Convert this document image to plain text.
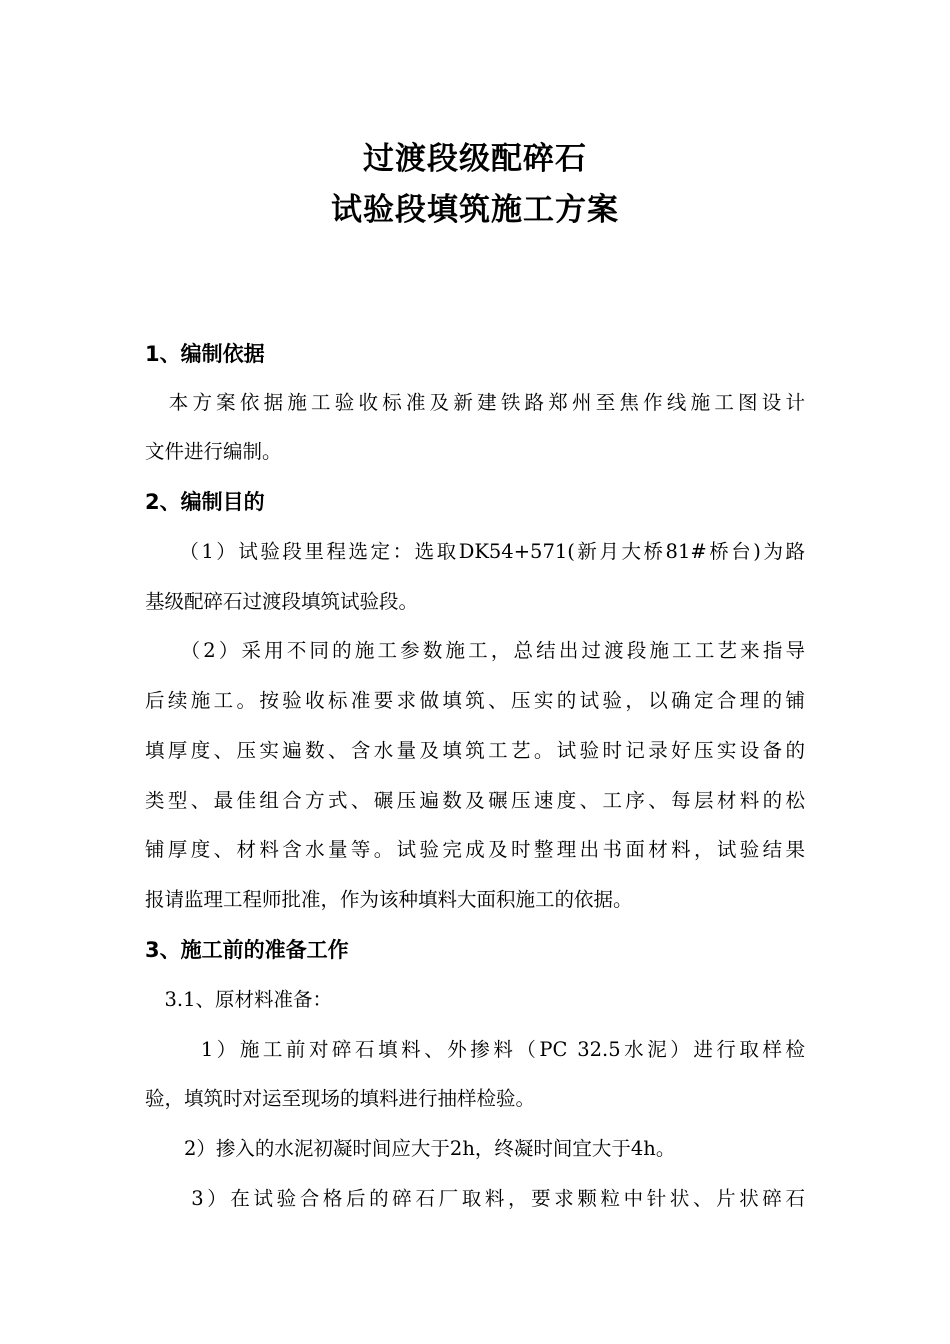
过渡段级配碎石
试验段填筑施工方案
1、编制依据
　本方案依据施工验收标准及新建铁路郑州至焦作线施工图设计
文件进行编制。
2、编制目的
　　（1）试验段里程选定：选取DK54+571(新月大桥81#桥台)为路
基级配碎石过渡段填筑试验段。
　　（2）采用不同的施工参数施工，总结出过渡段施工工艺来指导
后续施工。按验收标准要求做填筑、压实的试验，以确定合理的铺
填厚度、压实遍数、含水量及填筑工艺。试验时记录好压实设备的
类型、最佳组合方式、碾压遍数及碾压速度、工序、每层材料的松
铺厚度、材料含水量等。试验完成及时整理出书面材料，试验结果
报请监理工程师批准，作为该种填料大面积施工的依据。
3、施工前的准备工作
　3.1、原材料准备：
　　 1）施工前对碎石填料、外掺料（PC 32.5水泥）进行取样检
验，填筑时对运至现场的填料进行抽样检验。
　　2）掺入的水泥初凝时间应大于2h，终凝时间宜大于4h。
　　3）在试验合格后的碎石厂取料，要求颗粒中针状、片状碎石
